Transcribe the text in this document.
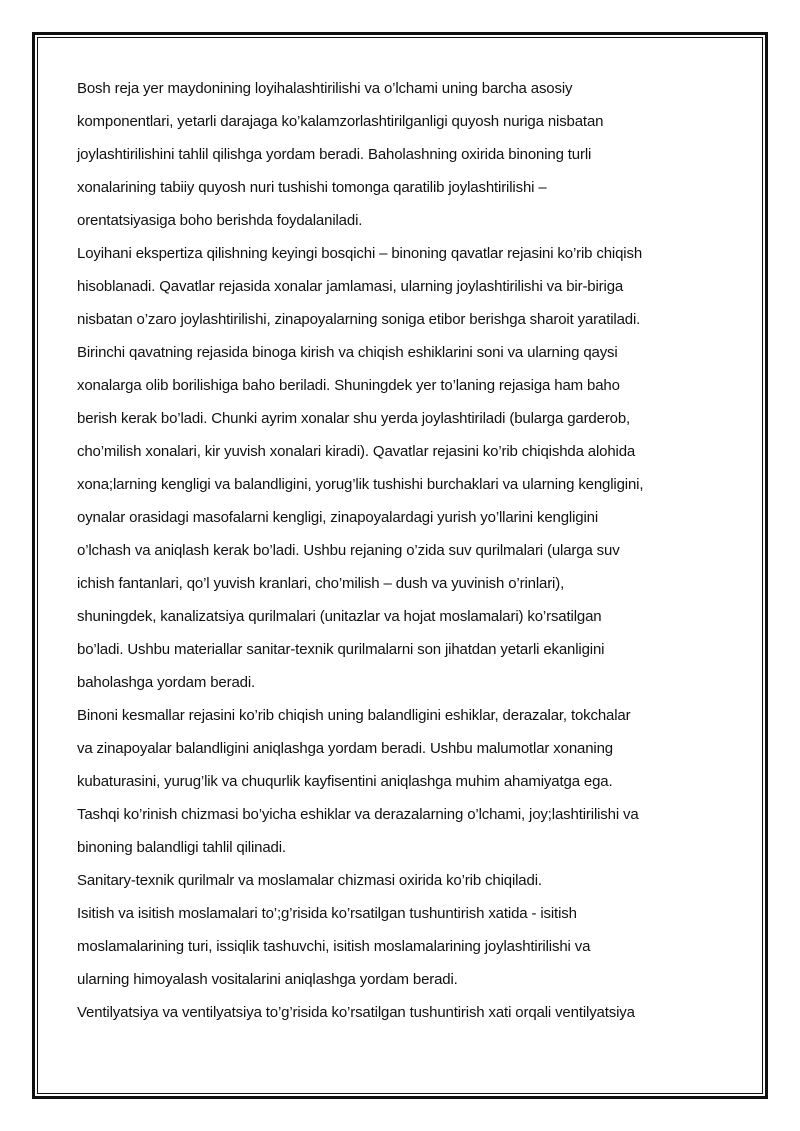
Bosh reja yer maydonining loyihalashtirilishi va o’lchami uning barcha asosiy
komponentlari, yetarli darajaga ko’kalamzorlashtirilganligi quyosh nuriga nisbatan
joylashtirilishini tahlil qilishga yordam beradi. Baholashning oxirida binoning turli
xonalarining tabiiy quyosh nuri tushishi tomonga qaratilib joylashtirilishi –
orentatsiyasiga boho berishda foydalaniladi.
Loyihani ekspertiza qilishning keyingi bosqichi – binoning qavatlar rejasini ko’rib chiqish
hisoblanadi. Qavatlar rejasida xonalar jamlamasi, ularning joylashtirilishi va bir-biriga
nisbatan o’zaro joylashtirilishi, zinapoyalarning soniga etibor berishga sharoit yaratiladi.
Birinchi qavatning rejasida binoga kirish va chiqish eshiklarini soni va ularning qaysi
xonalarga olib borilishiga baho beriladi. Shuningdek yer to’laning rejasiga ham baho
berish kerak bo’ladi. Chunki ayrim xonalar shu yerda joylashtiriladi (bularga garderob,
cho’milish xonalari, kir yuvish xonalari kiradi). Qavatlar rejasini ko’rib chiqishda alohida
xona;larning kengligi va balandligini, yorug’lik tushishi burchaklari va ularning kengligini,
oynalar orasidagi masofalarni kengligi, zinapoyalardagi yurish yo’llarini kengligini
o’lchash va aniqlash kerak bo’ladi. Ushbu rejaning o’zida suv qurilmalari (ularga suv
ichish fantanlari, qo’l yuvish kranlari, cho’milish – dush va yuvinish o’rinlari),
shuningdek, kanalizatsiya qurilmalari (unitazlar va hojat moslamalari) ko’rsatilgan
bo’ladi. Ushbu materiallar sanitar-texnik qurilmalarni son jihatdan yetarli ekanligini
baholashga yordam beradi.
Binoni kesmallar rejasini ko’rib chiqish uning balandligini eshiklar, derazalar, tokchalar
va zinapoyalar balandligini aniqlashga yordam beradi. Ushbu malumotlar xonaning
kubaturasini, yurug’lik va chuqurlik kayfisentini aniqlashga muhim ahamiyatga ega.
Tashqi ko’rinish chizmasi bo’yicha eshiklar va derazalarning o’lchami, joy;lashtirilishi va
binoning balandligi tahlil qilinadi.
Sanitary-texnik qurilmalr va moslamalar chizmasi oxirida ko’rib chiqiladi.
Isitish va isitish moslamalari to’;g’risida ko’rsatilgan tushuntirish xatida - isitish
moslamalarining turi, issiqlik tashuvchi, isitish moslamalarining joylashtirilishi va
ularning himoyalash vositalarini aniqlashga yordam beradi.
Ventilyatsiya va ventilyatsiya to’g’risida ko’rsatilgan tushuntirish xati orqali ventilyatsiya
